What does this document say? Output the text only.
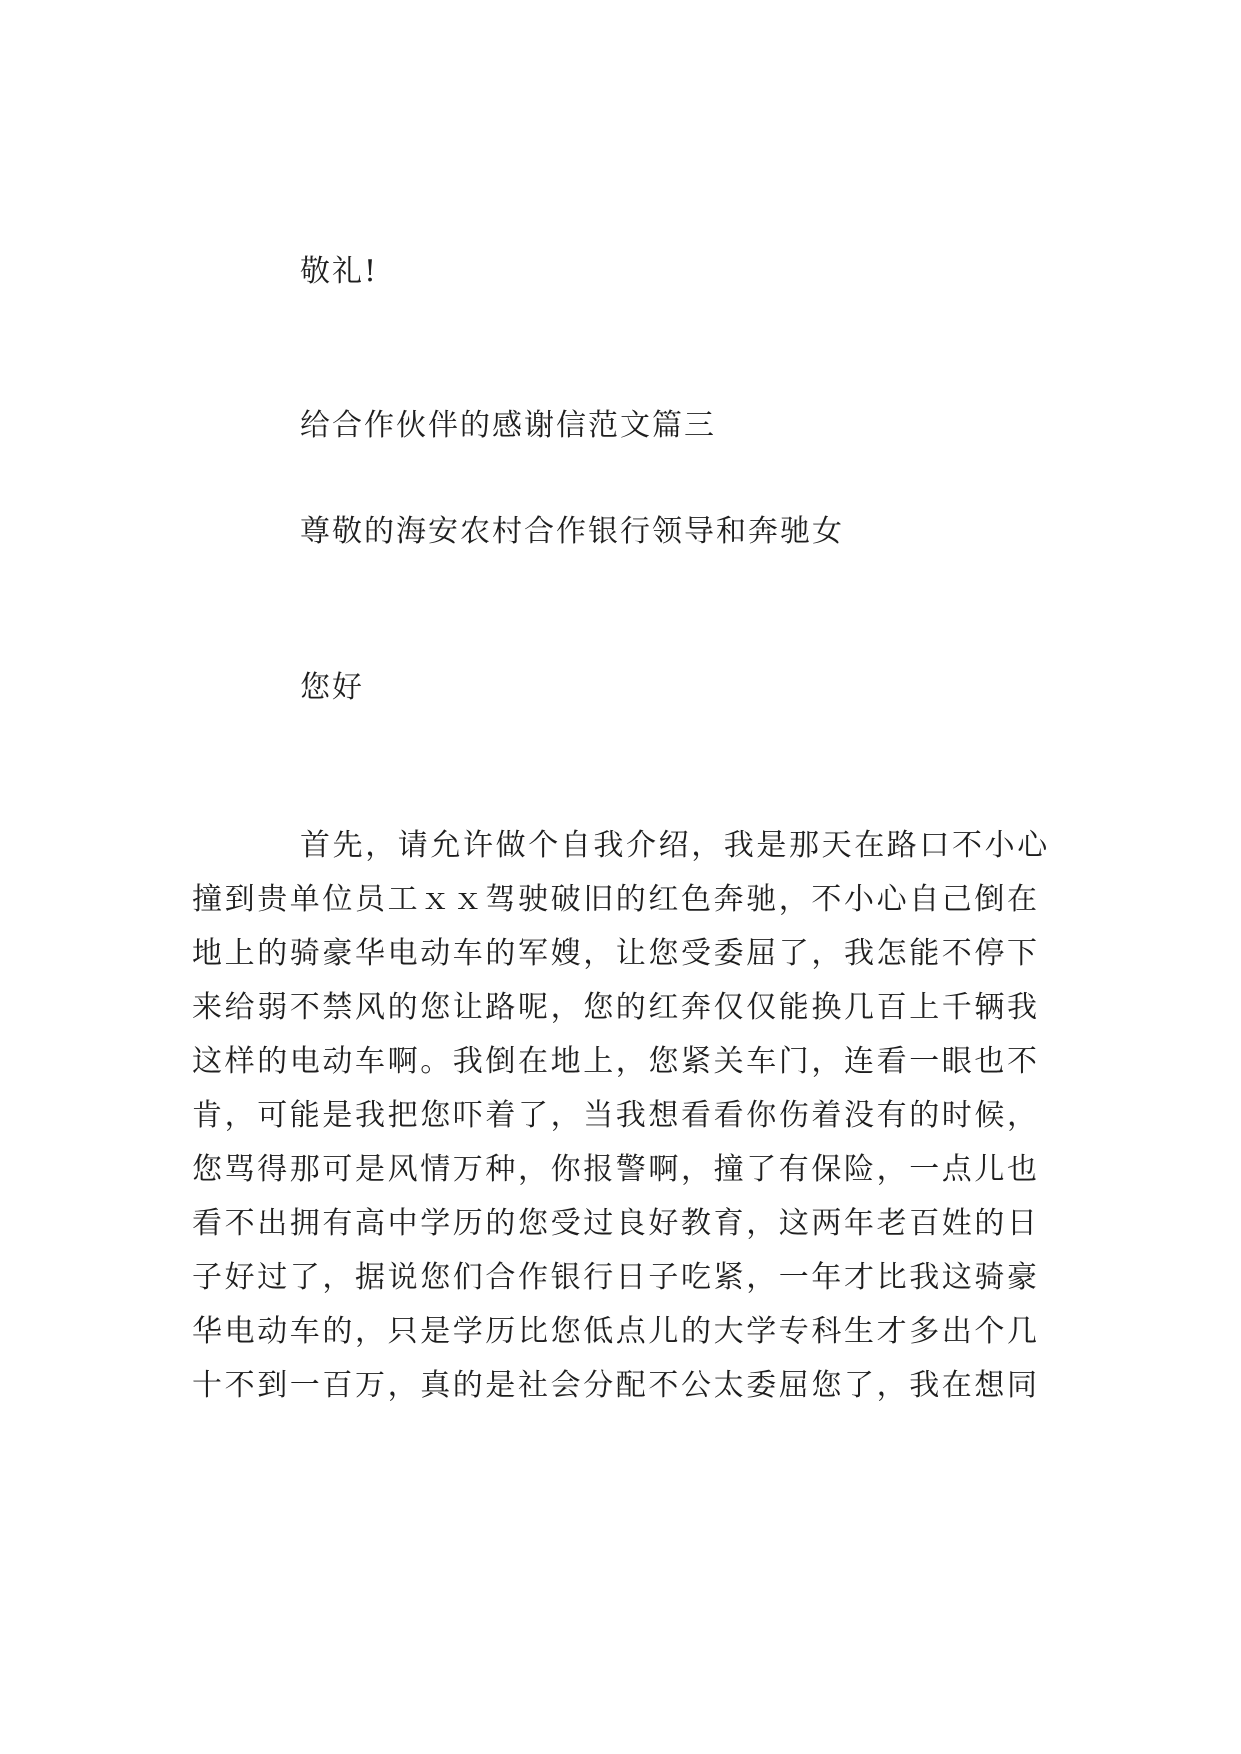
敬礼!
给合作伙伴的感谢信范文篇三
尊敬的海安农村合作银行领导和奔驰女
您好
首先，请允许做个自我介绍，我是那天在路口不小心
撞到贵单位员工ｘｘ驾驶破旧的红色奔驰，不小心自己倒在
地上的骑豪华电动车的军嫂，让您受委屈了，我怎能不停下
来给弱不禁风的您让路呢，您的红奔仅仅能换几百上千辆我
这样的电动车啊。我倒在地上，您紧关车门，连看一眼也不
肯，可能是我把您吓着了，当我想看看你伤着没有的时候，
您骂得那可是风情万种，你报警啊，撞了有保险，一点儿也
看不出拥有高中学历的您受过良好教育，这两年老百姓的日
子好过了，据说您们合作银行日子吃紧，一年才比我这骑豪
华电动车的，只是学历比您低点儿的大学专科生才多出个几
十不到一百万，真的是社会分配不公太委屈您了，我在想同
